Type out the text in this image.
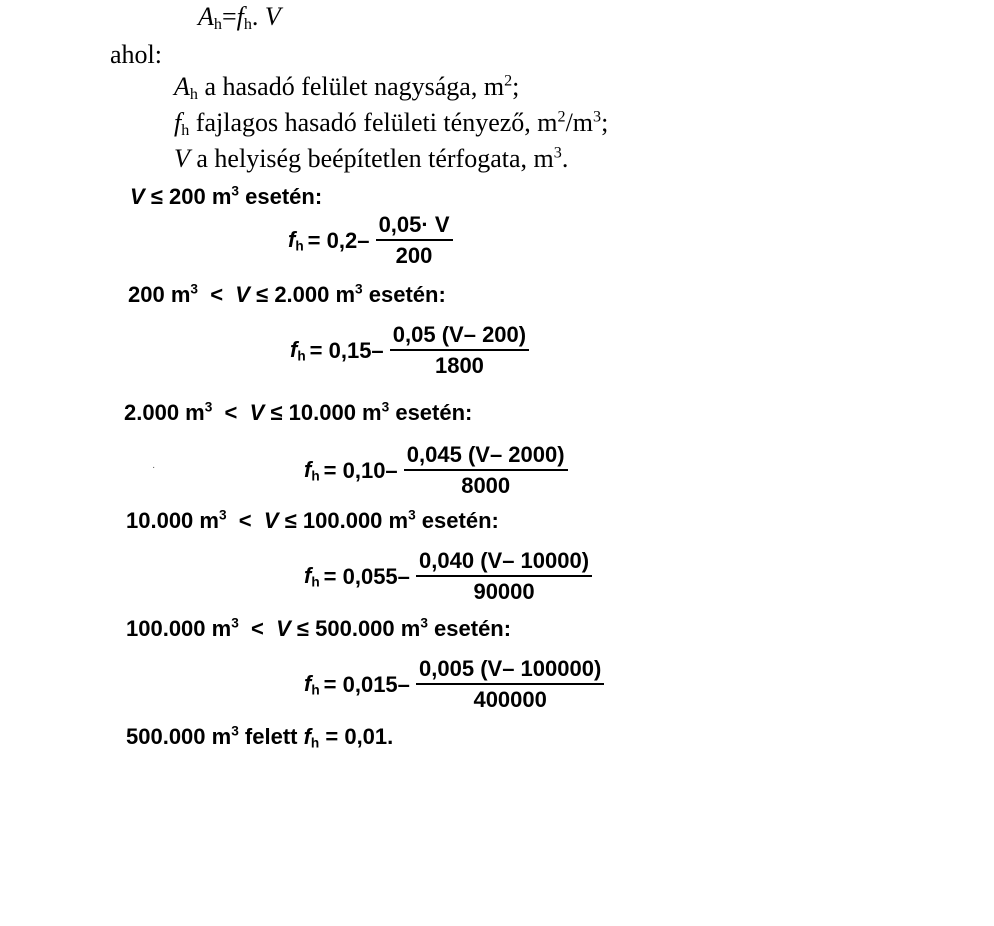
$A_h=f_h$. V
ahol:
$A_h$ a hasadó felület nagysága, $m^2$;
$f_h$ fajlagos hasadó felületi tényező, $m^2/m^3$;
V a helyiség beépítetlen térfogata, $m^3$.
V ≤ 200 $m^3$ esetén:
$f_h = 0,2-$
$\frac{0,05\cdot V}{200}$
200 $m^3 < V \le 2.000$ $m^3$ esetén:
$f_h = 0,15-$
$\frac{0,05 (V- 200)}{1800}$
2.000 $m^3 < V \le 10.000$ $m^3$ esetén:
·	$f_h = 0,10-$
$\frac{0,045 (V- 2000)}{8000}$
10.000 $m^3 < V \le 100.000$ $m^3$ esetén:
$f_h = 0,055-$
$\frac{0,040 (V- 10000)}{90000}$
100.000 $m^3 < V \le 500.000$ $m^3$ esetén:
$f_h = 0,015-$
$\frac{0,005 (V- 100000)}{400000}$
500.000 $m^3$ felett $f_h = 0,01$.
